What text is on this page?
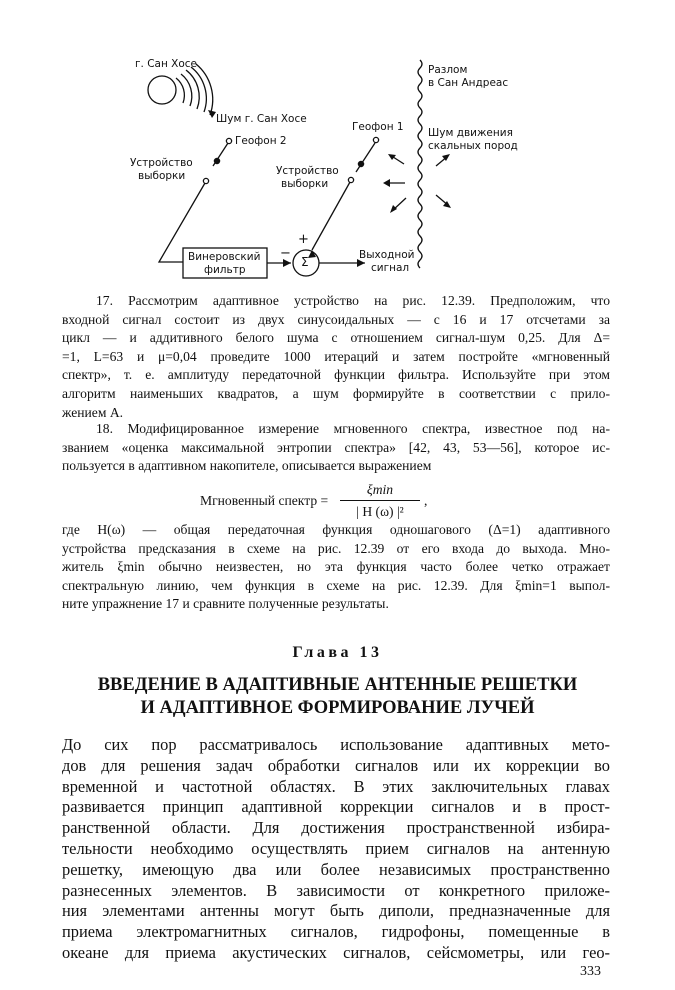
г. Сан Хосе
Шум г. Сан Хосе
Геофон 2
Устройство
выборки
Геофон 1
Устройство
выборки
Винеровский
фильтр
Выходной
сигнал
Разлом
в Сан Андреас
Шум движения
скальных пород
+
−
Σ
17. Рассмотрим адаптивное устройство на рис. 12.39. Предположим, что
входной сигнал состоит из двух синусоидальных — с 16 и 17 отсчетами за
цикл — и аддитивного белого шума с отношением сигнал-шум 0,25. Для Δ=
=1, L=63 и μ=0,04 проведите 1000 итераций и затем постройте «мгновенный
спектр», т. е. амплитуду передаточной функции фильтра. Используйте при этом
алгоритм наименьших квадратов, а шум формируйте в соответствии с прило-
жением А.
18. Модифицированное измерение мгновенного спектра, известное под на-
званием «оценка максимальной энтропии спектра» [42, 43, 53—56], которое ис-
пользуется в адаптивном накопителе, описывается выражением
Мгновенный спектр =
ξmin
| H (ω) |²
,
где H(ω) — общая передаточная функция одношагового (Δ=1) адаптивного
устройства предсказания в схеме на рис. 12.39 от его входа до выхода. Мно-
житель ξmin обычно неизвестен, но эта функция часто более четко отражает
спектральную линию, чем функция в схеме на рис. 12.39. Для ξmin=1 выпол-
ните упражнение 17 и сравните полученные результаты.
Глава 13
ВВЕДЕНИЕ В АДАПТИВНЫЕ АНТЕННЫЕ РЕШЕТКИ
И АДАПТИВНОЕ ФОРМИРОВАНИЕ ЛУЧЕЙ
До сих пор рассматривалось использование адаптивных мето-
дов для решения задач обработки сигналов или их коррекции во
временной и частотной областях. В этих заключительных главах
развивается принцип адаптивной коррекции сигналов и в прост-
ранственной области. Для достижения пространственной избира-
тельности необходимо осуществлять прием сигналов на антенную
решетку, имеющую два или более независимых пространственно
разнесенных элементов. В зависимости от конкретного приложе-
ния элементами антенны могут быть диполи, предназначенные для
приема электромагнитных сигналов, гидрофоны, помещенные в
океане для приема акустических сигналов, сейсмометры, или гео-
333
